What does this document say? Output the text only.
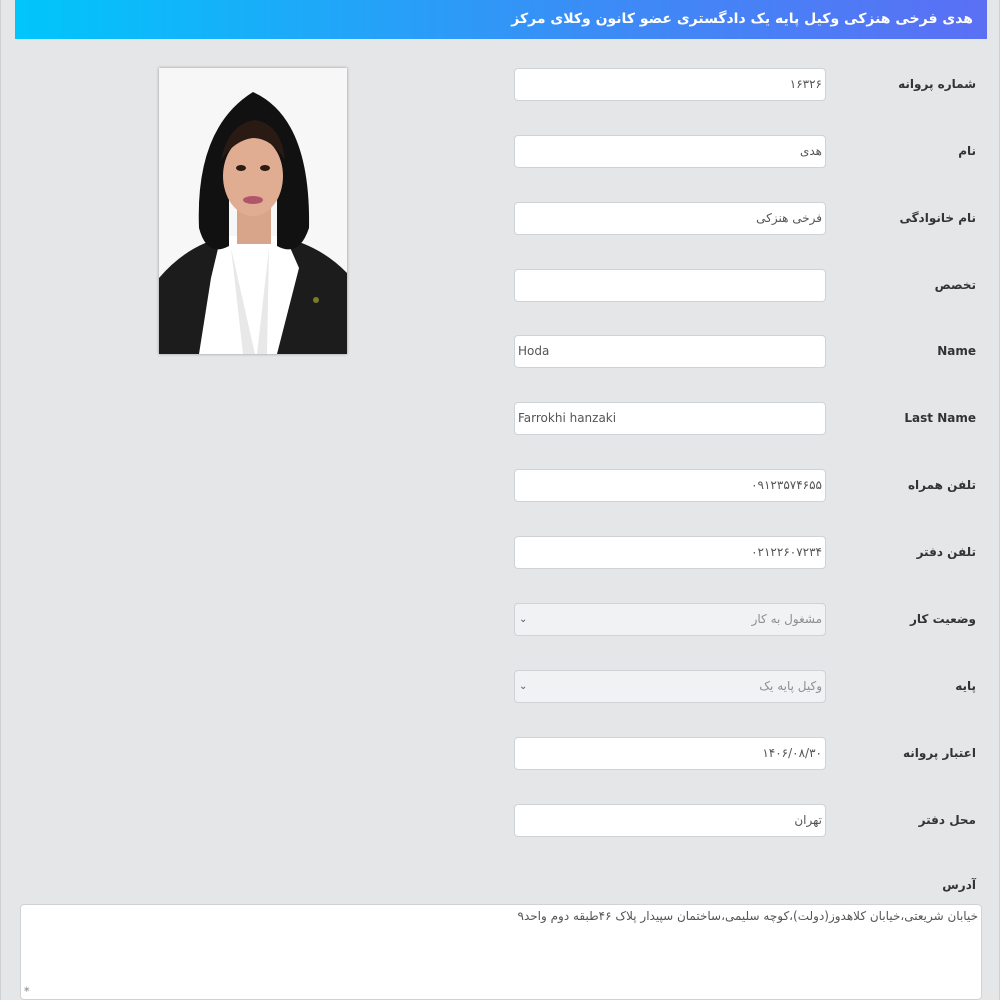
هدی فرخی هنزکی وکیل پایه یک دادگستری عضو کانون وکلای مرکز
شماره پروانه
۱۶۳۲۶
نام
هدی
نام خانوادگی
فرخی هنزکی
تخصص
Name
Hoda
Last Name
Farrokhi hanzaki
تلفن همراه
۰۹۱۲۳۵۷۴۶۵۵
تلفن دفتر
۰۲۱۲۲۶۰۷۲۳۴
وضعیت کار
مشغول به کار
⌄
پایه
وکیل پایه یک
⌄
اعتبار پروانه
۱۴۰۶/۰۸/۳۰
محل دفتر
تهران
آدرس
خیابان شریعتی،خیابان کلاهدوز(دولت)،کوچه سلیمی،ساختمان سپیدار پلاک ۴۶طبقه دوم واحد۹
∗
